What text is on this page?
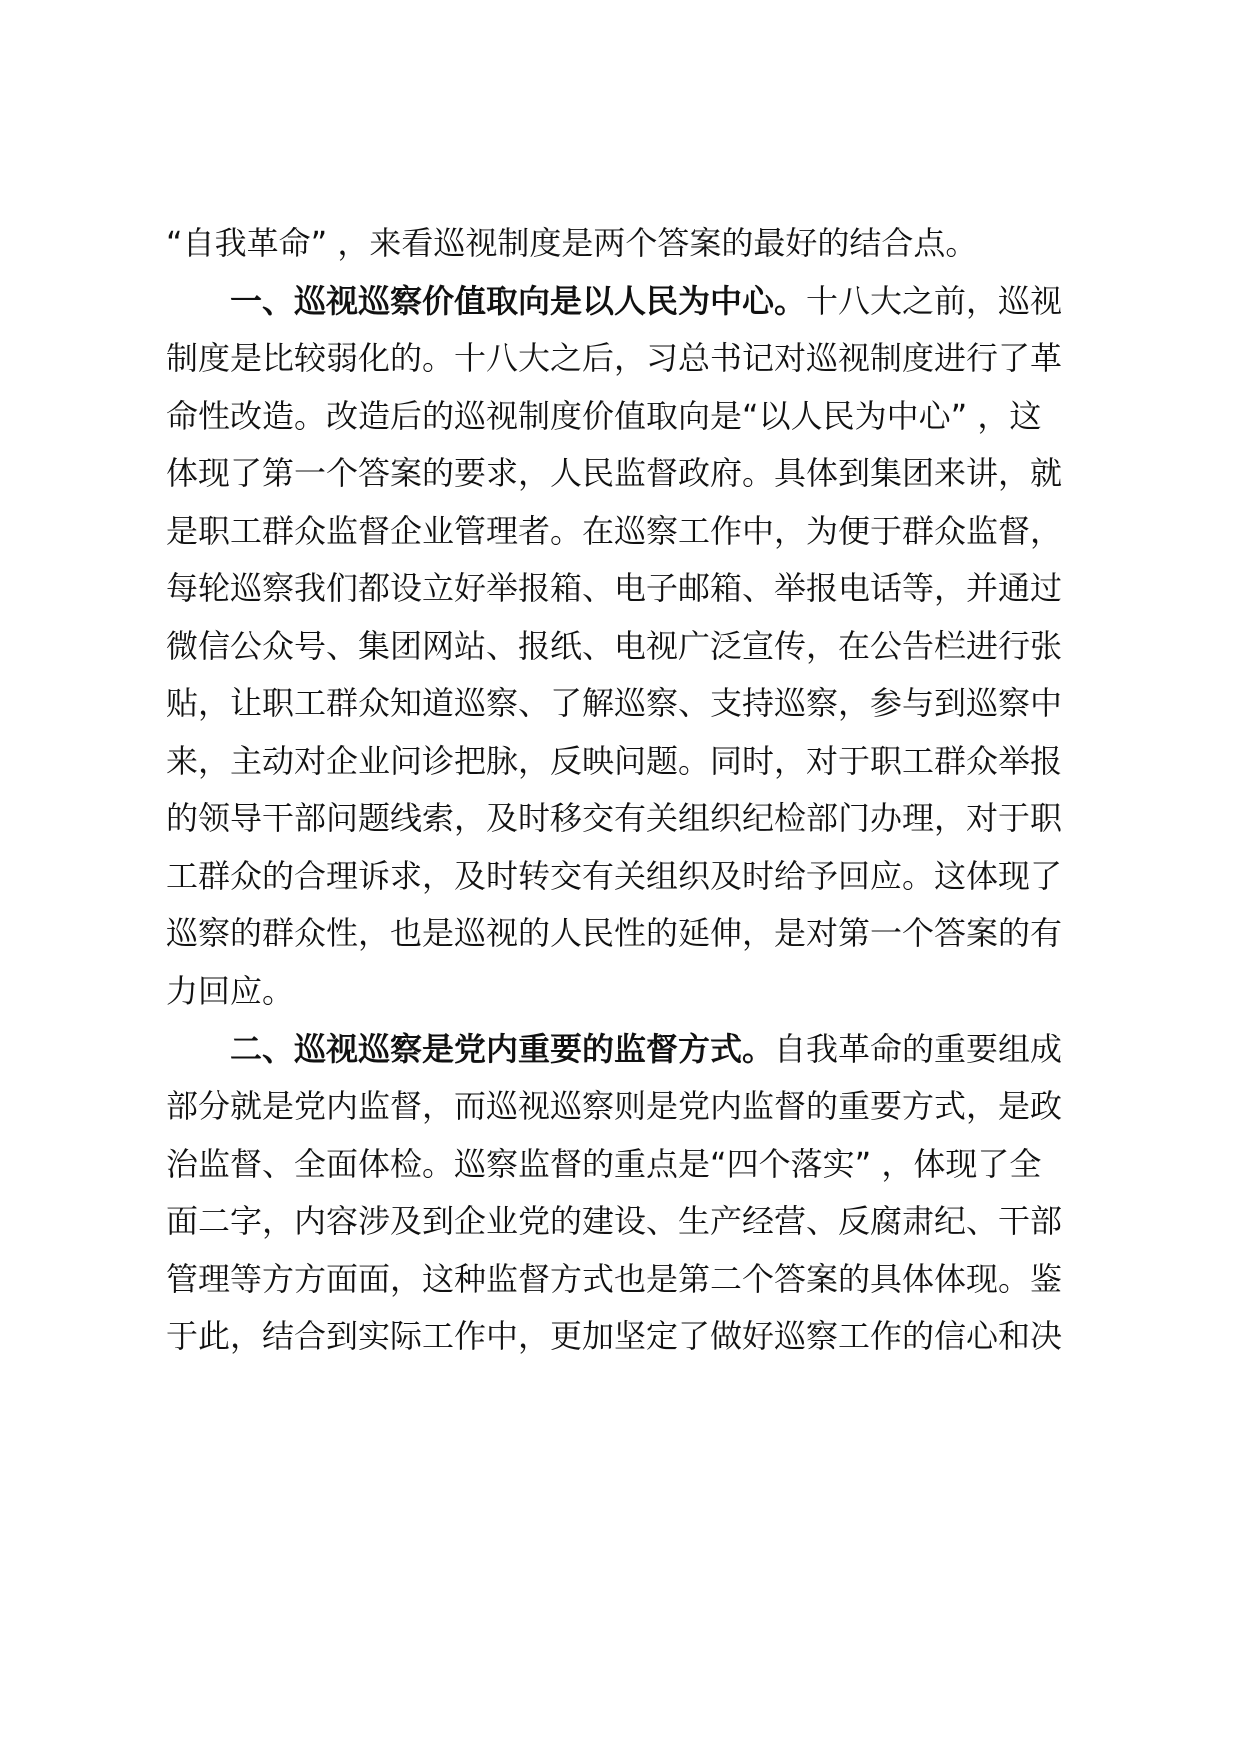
“自我革命” ，来看巡视制度是两个答案的最好的结合点。
一、巡视巡察价值取向是以人民为中心。十八大之前，巡视
制度是比较弱化的。十八大之后，习总书记对巡视制度进行了革
命性改造。改造后的巡视制度价值取向是“以人民为中心” ，这
体现了第一个答案的要求，人民监督政府。具体到集团来讲，就
是职工群众监督企业管理者。在巡察工作中，为便于群众监督，
每轮巡察我们都设立好举报箱、电子邮箱、举报电话等，并通过
微信公众号、集团网站、报纸、电视广泛宣传，在公告栏进行张
贴，让职工群众知道巡察、了解巡察、支持巡察，参与到巡察中
来，主动对企业问诊把脉，反映问题。同时，对于职工群众举报
的领导干部问题线索，及时移交有关组织纪检部门办理，对于职
工群众的合理诉求，及时转交有关组织及时给予回应。这体现了
巡察的群众性，也是巡视的人民性的延伸，是对第一个答案的有
力回应。
二、巡视巡察是党内重要的监督方式。自我革命的重要组成
部分就是党内监督，而巡视巡察则是党内监督的重要方式，是政
治监督、全面体检。巡察监督的重点是“四个落实” ，体现了全
面二字，内容涉及到企业党的建设、生产经营、反腐肃纪、干部
管理等方方面面，这种监督方式也是第二个答案的具体体现。鉴
于此，结合到实际工作中，更加坚定了做好巡察工作的信心和决
